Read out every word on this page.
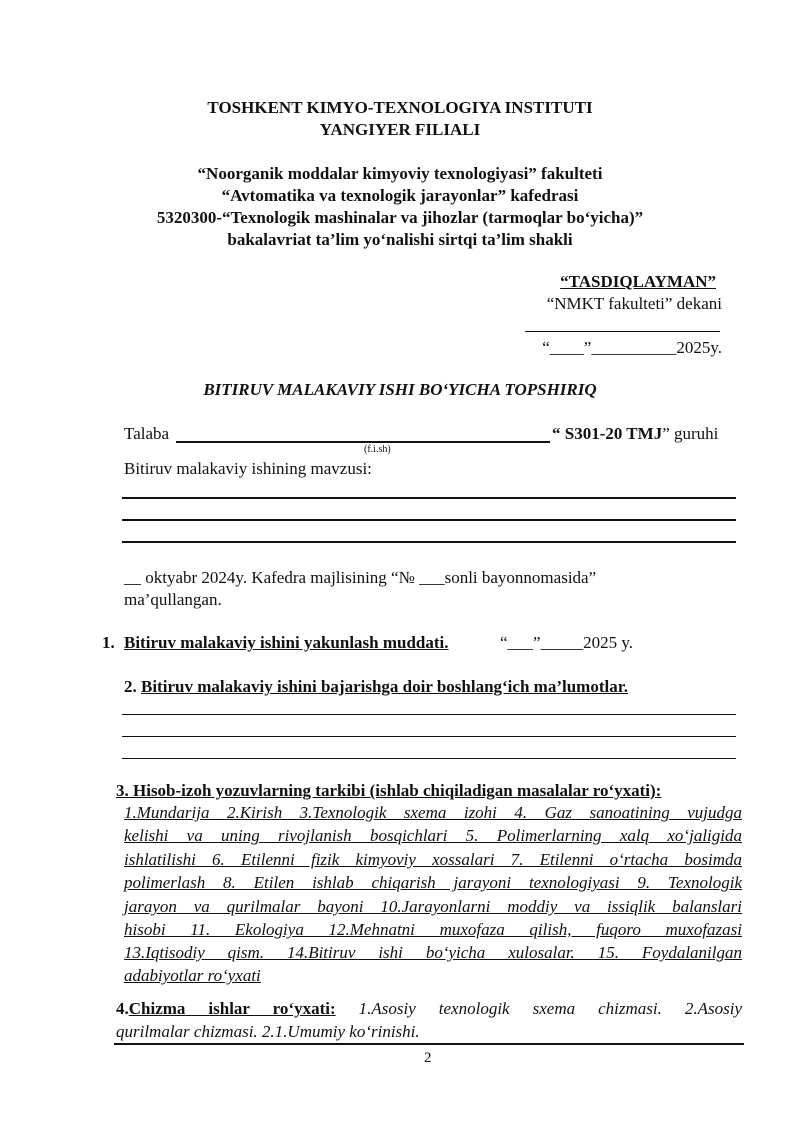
TOSHKENT KIMYO-TEXNOLOGIYA INSTITUTI
YANGIYER FILIALI
“Noorganik moddalar kimyoviy texnologiyasi” fakulteti
“Avtomatika va texnologik jarayonlar” kafedrasi
5320300-“Texnologik mashinalar va jihozlar (tarmoqlar bo‘yicha)”
bakalavriat ta’lim yo‘nalishi sirtqi ta’lim shakli
“TASDIQLAYMAN”
“NMKT fakulteti” dekani
“____”__________2025y.
BITIRUV MALAKAVIY ISHI BO‘YICHA TOPSHIRIQ
Talaba	“ S301-20 TMJ” guruhi
(f.i.sh)
Bitiruv malakaviy ishining mavzusi:
__ oktyabr 2024y. Kafedra majlisining “№ ___sonli bayonnomasida”
ma’qullangan.
1. Bitiruv malakaviy ishini yakunlash muddati.	“___”_____2025 y.
2. Bitiruv malakaviy ishini bajarishga doir boshlang‘ich ma’lumotlar.
3. Hisob-izoh yozuvlarning tarkibi (ishlab chiqiladigan masalalar ro‘yxati):
1.Mundarija 2.Kirish 3.Texnologik sxema izohi 4. Gaz sanoatining vujudga
kelishi va uning rivojlanish bosqichlari 5. Polimerlarning xalq xo‘jaligida
ishlatilishi 6. Etilenni fizik kimyoviy xossalari 7. Etilenni o‘rtacha bosimda
polimerlash 8. Etilen ishlab chiqarish jarayoni texnologiyasi 9. Texnologik
jarayon va qurilmalar bayoni 10.Jarayonlarni moddiy va issiqlik balanslari
hisobi 11. Ekologiya 12.Mehnatni muxofaza qilish, fuqoro muxofazasi
13.Iqtisodiy qism. 14.Bitiruv ishi bo‘yicha xulosalar. 15. Foydalanilgan
adabiyotlar ro‘yxati
4.Chizma ishlar ro‘yxati: 1.Asosiy texnologik sxema chizmasi. 2.Asosiy
qurilmalar chizmasi. 2.1.Umumiy ko‘rinishi.
2
